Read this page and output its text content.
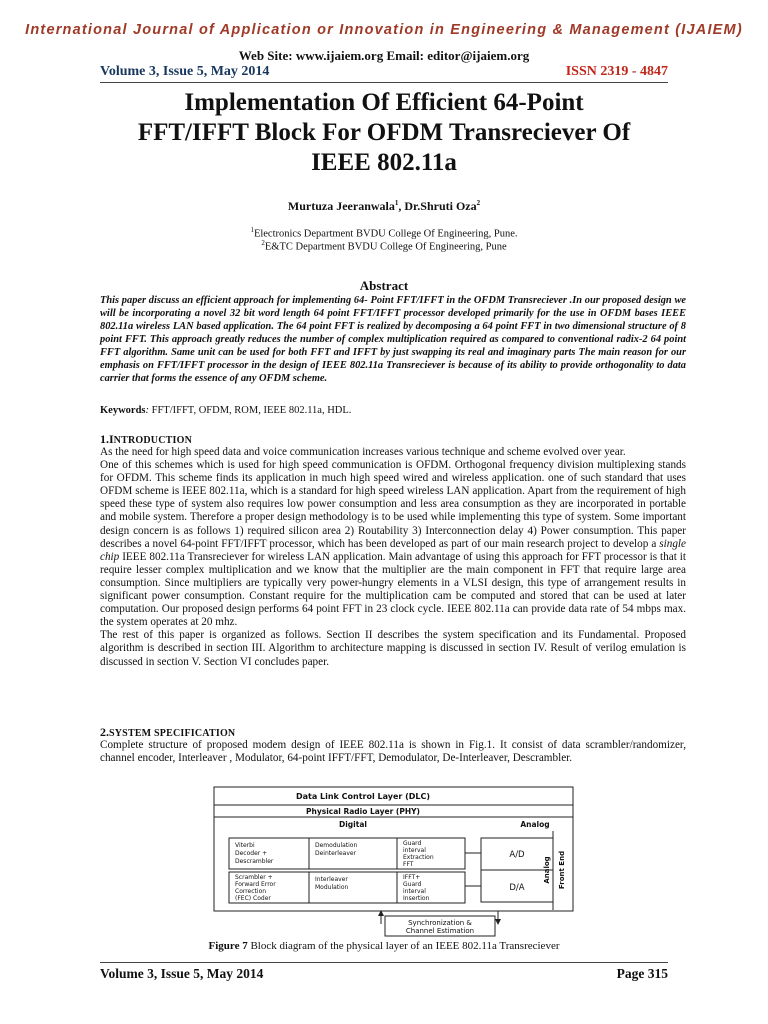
International Journal of Application or Innovation in Engineering & Management (IJAIEM)
Web Site: www.ijaiem.org Email: editor@ijaiem.org
Volume 3, Issue 5, May 2014	ISSN 2319 - 4847
Implementation Of Efficient 64-Point
FFT/IFFT Block For OFDM Transreciever Of
IEEE 802.11a
Murtuza Jeeranwala$^1$, Dr.Shruti Oza$^2$
$^1$Electronics Department BVDU College Of Engineering, Pune.
$^2$E&TC Department BVDU College Of Engineering, Pune
Abstract
This paper discuss an efficient approach for implementing 64- Point FFT/IFFT in the OFDM Transreciever .In our proposed design we will be incorporating a novel 32 bit word length 64 point FFT/IFFT processor developed primarily for the use in OFDM bases IEEE 802.11a wireless LAN based application. The 64 point FFT is realized by decomposing a 64 point FFT in two dimensional structure of 8 point FFT. This approach greatly reduces the number of complex multiplication required as compared to conventional radix-2 64 point FFT algorithm. Same unit can be used for both FFT and IFFT by just swapping its real and imaginary parts The main reason for our emphasis on FFT/IFFT processor in the design of IEEE 802.11a Transreciever is because of its ability to provide orthogonality to data carrier that forms the essence of any OFDM scheme.
Keywords: FFT/IFFT, OFDM, ROM, IEEE 802.11a, HDL.
1.INTRODUCTION

As the need for high speed data and voice communication increases various technique and scheme evolved over year.

One of this schemes which is used for high speed communication is OFDM. Orthogonal frequency division multiplexing stands for OFDM. This scheme finds its application in much high speed wired and wireless application. one of such standard that uses OFDM scheme is IEEE 802.11a, which is a standard for high speed wireless LAN application. Apart from the requirement of high speed these type of system also requires low power consumption and less area consumption as they are incorporated in portable and mobile system. Therefore a proper design methodology is to be used while implementing this type of system. Some important design concern is as follows 1) required silicon area 2) Routability 3) Interconnection delay 4) Power consumption. This paper describes a novel 64-point FFT/IFFT processor, which has been developed as part of our main research project to develop a single chip IEEE 802.11a Transreciever for wireless LAN application. Main advantage of using this approach for FFT processor is that it require lesser complex multiplication and we know that the multiplier are the main component in FFT that require large area consumption. Since multipliers are typically very power-hungry elements in a VLSI design, this type of arrangement results in significant power consumption. Constant require for the multiplication cam be computed and stored that can be used at later computation. Our proposed design performs 64 point FFT in 23 clock cycle. IEEE 802.11a can provide data rate of 54 mbps max. the system operates at 20 mhz.

The rest of this paper is organized as follows. Section II describes the system specification and its Fundamental. Proposed algorithm is described in section III. Algorithm to architecture mapping is discussed in section IV. Result of verilog emulation is discussed in section V. Section VI concludes paper.

2.SYSTEM SPECIFICATION

Complete structure of proposed modem design of IEEE 802.11a is shown in Fig.1. It consist of data scrambler/randomizer, channel encoder, Interleaver , Modulator, 64-point IFFT/FFT, Demodulator, De-Interleaver, Descrambler.

Data Link Control Layer (DLC)
Physical Radio Layer (PHY)
Digital	Analog
Viterbi
Decoder +
Descrambler
Demodulation
Deinterleaver
Guard
interval
Extraction
FFT
Scrambler +
Forward Error
Correction
(FEC) Coder
Interleaver
Modulation
IFFT+
Guard
interval
Insertion
A/D
D/A
Analog Front End
Synchronization &
Channel Estimation
Figure 7 Block diagram of the physical layer of an IEEE 802.11a Transreciever
Volume 3, Issue 5, May 2014	Page 315
